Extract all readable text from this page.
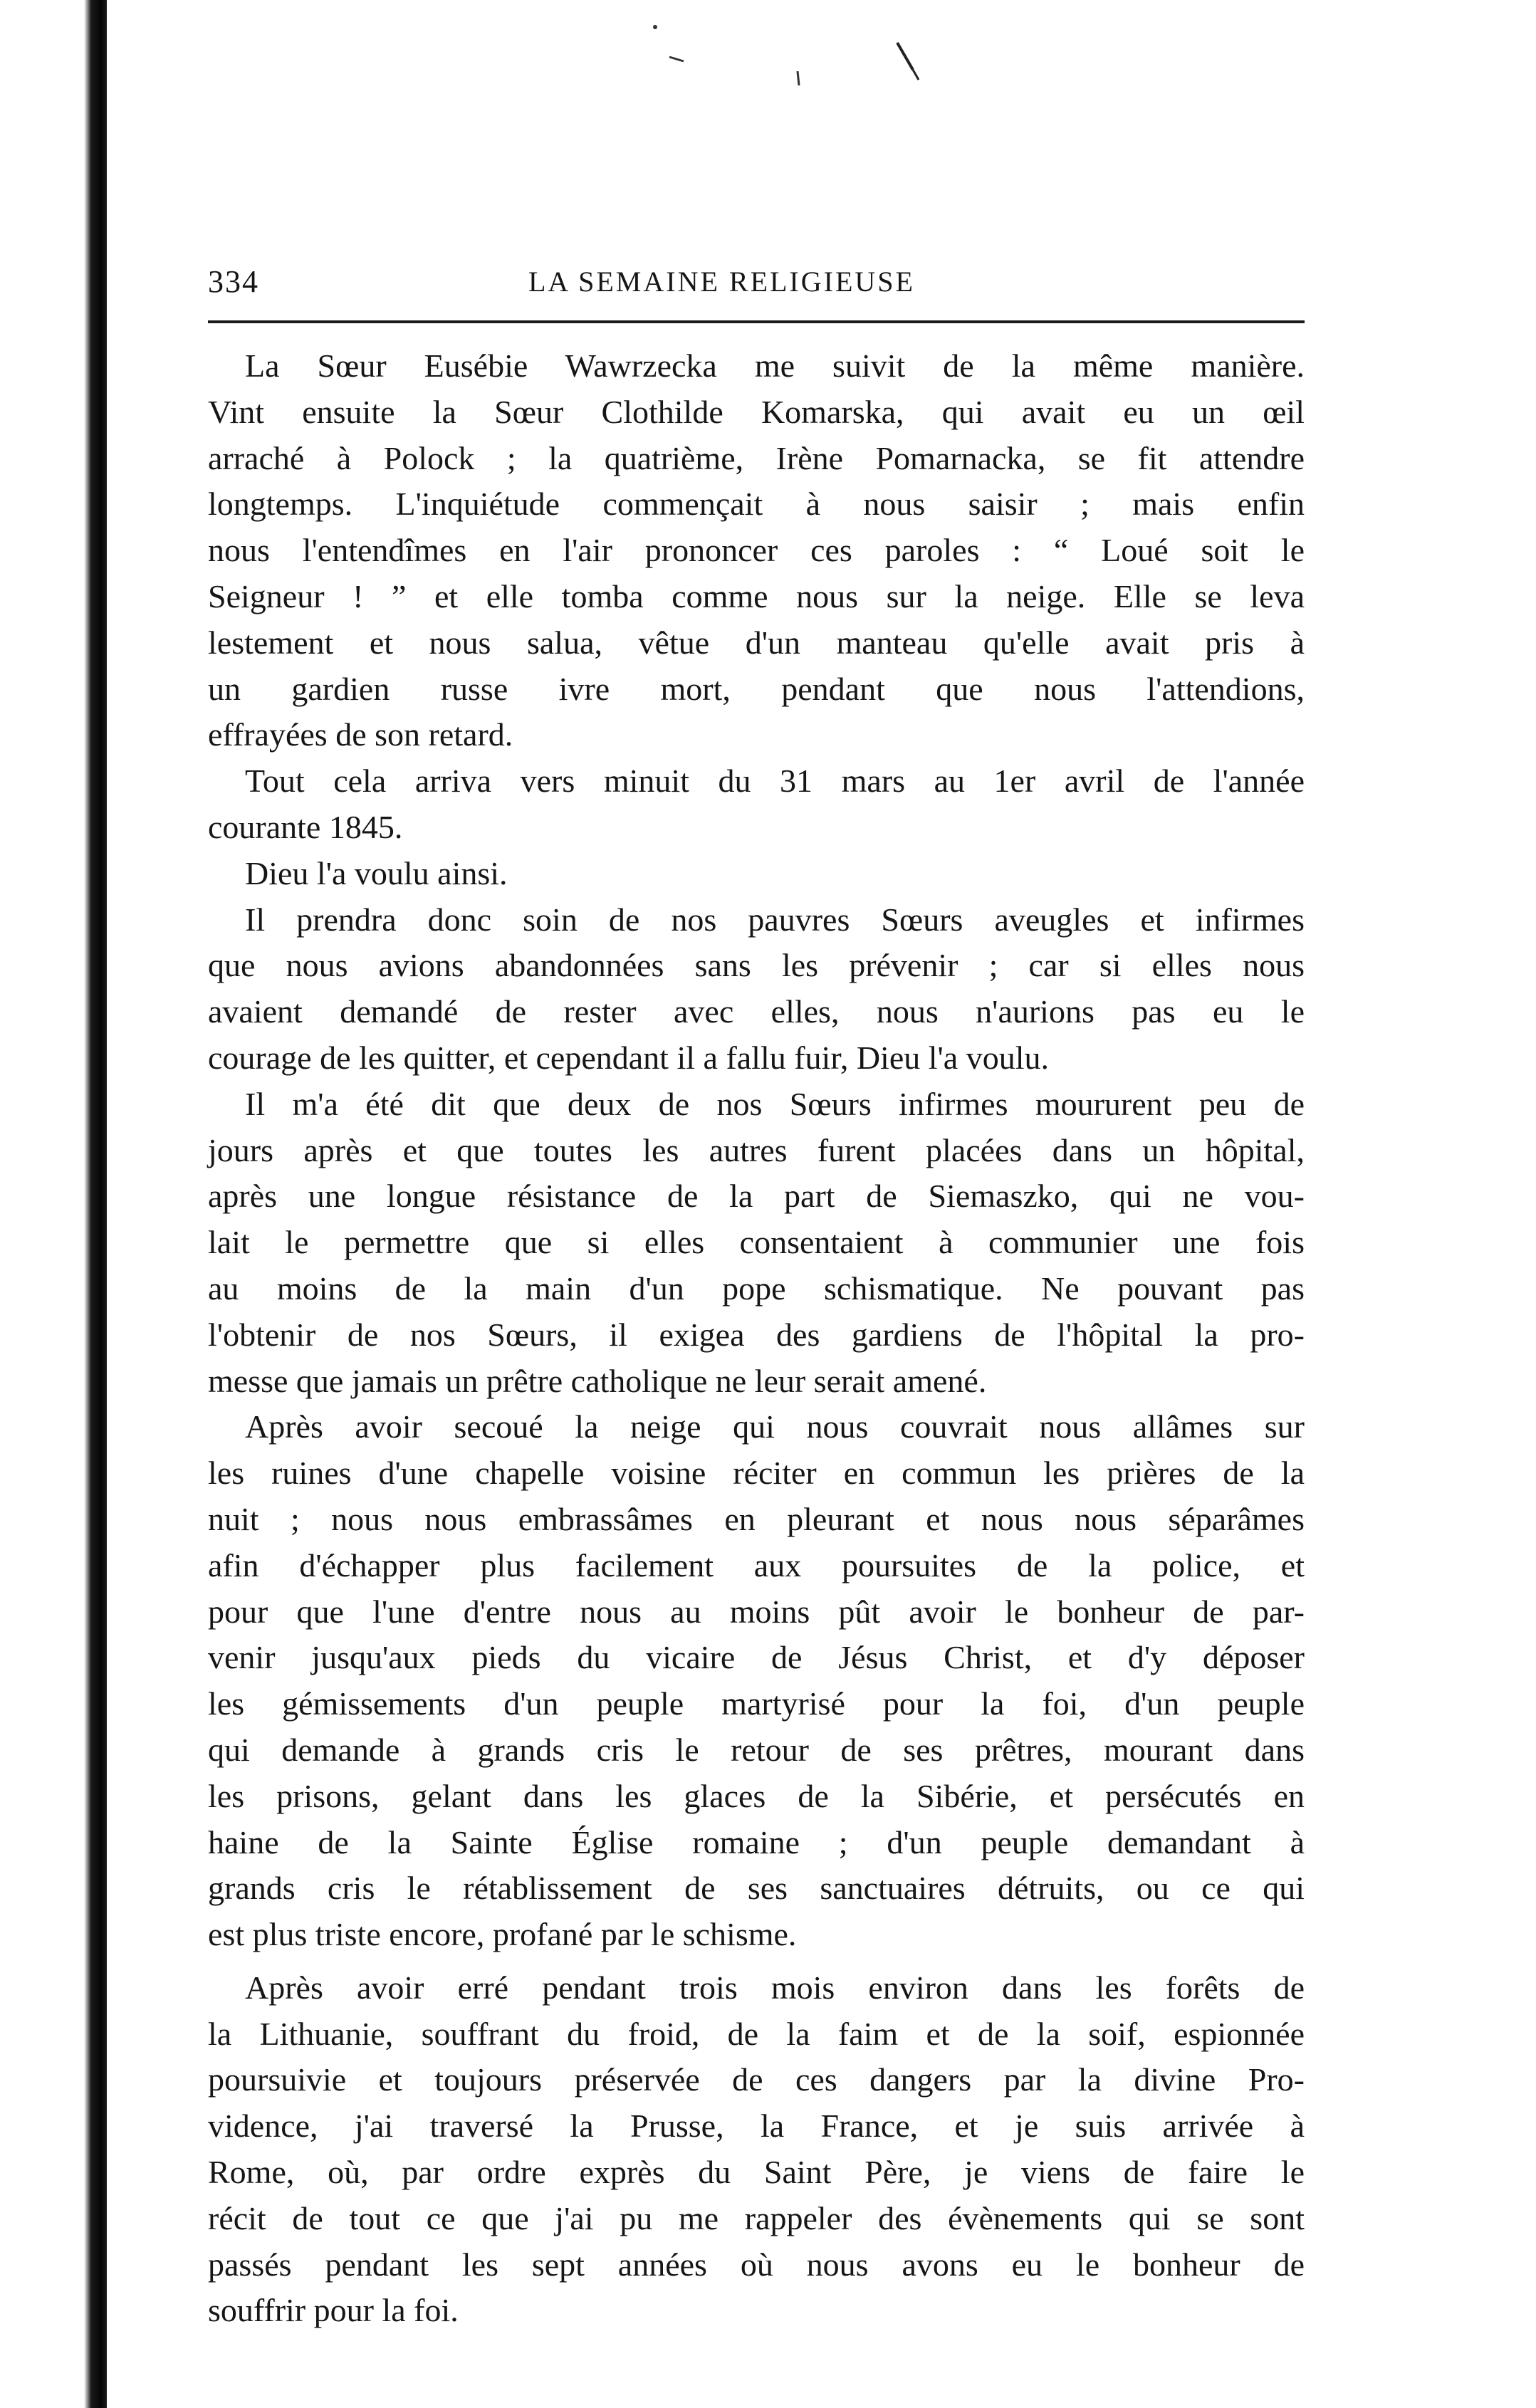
334	LA SEMAINE RELIGIEUSE
La Sœur Eusébie Wawrzecka me suivit de la même manière.
Vint ensuite la Sœur Clothilde Komarska, qui avait eu un œil
arraché à Polock ; la quatrième, Irène Pomarnacka, se fit attendre
longtemps. L'inquiétude commençait à nous saisir ; mais enfin
nous l'entendîmes en l'air prononcer ces paroles : “ Loué soit le
Seigneur ! ” et elle tomba comme nous sur la neige. Elle se leva
lestement et nous salua, vêtue d'un manteau qu'elle avait pris à
un gardien russe ivre mort, pendant que nous l'attendions,
effrayées de son retard.
Tout cela arriva vers minuit du 31 mars au 1er avril de l'année
courante 1845.
Dieu l'a voulu ainsi.
Il prendra donc soin de nos pauvres Sœurs aveugles et infirmes
que nous avions abandonnées sans les prévenir ; car si elles nous
avaient demandé de rester avec elles, nous n'aurions pas eu le
courage de les quitter, et cependant il a fallu fuir, Dieu l'a voulu.
Il m'a été dit que deux de nos Sœurs infirmes moururent peu de
jours après et que toutes les autres furent placées dans un hôpital,
après une longue résistance de la part de Siemaszko, qui ne vou-
lait le permettre que si elles consentaient à communier une fois
au moins de la main d'un pope schismatique. Ne pouvant pas
l'obtenir de nos Sœurs, il exigea des gardiens de l'hôpital la pro-
messe que jamais un prêtre catholique ne leur serait amené.
Après avoir secoué la neige qui nous couvrait nous allâmes sur
les ruines d'une chapelle voisine réciter en commun les prières de la
nuit ; nous nous embrassâmes en pleurant et nous nous séparâmes
afin d'échapper plus facilement aux poursuites de la police, et
pour que l'une d'entre nous au moins pût avoir le bonheur de par-
venir jusqu'aux pieds du vicaire de Jésus Christ, et d'y déposer
les gémissements d'un peuple martyrisé pour la foi, d'un peuple
qui demande à grands cris le retour de ses prêtres, mourant dans
les prisons, gelant dans les glaces de la Sibérie, et persécutés en
haine de la Sainte Église romaine ; d'un peuple demandant à
grands cris le rétablissement de ses sanctuaires détruits, ou ce qui
est plus triste encore, profané par le schisme.
Après avoir erré pendant trois mois environ dans les forêts de
la Lithuanie, souffrant du froid, de la faim et de la soif, espionnée
poursuivie et toujours préservée de ces dangers par la divine Pro-
vidence, j'ai traversé la Prusse, la France, et je suis arrivée à
Rome, où, par ordre exprès du Saint Père, je viens de faire le
récit de tout ce que j'ai pu me rappeler des évènements qui se sont
passés pendant les sept années où nous avons eu le bonheur de
souffrir pour la foi.
